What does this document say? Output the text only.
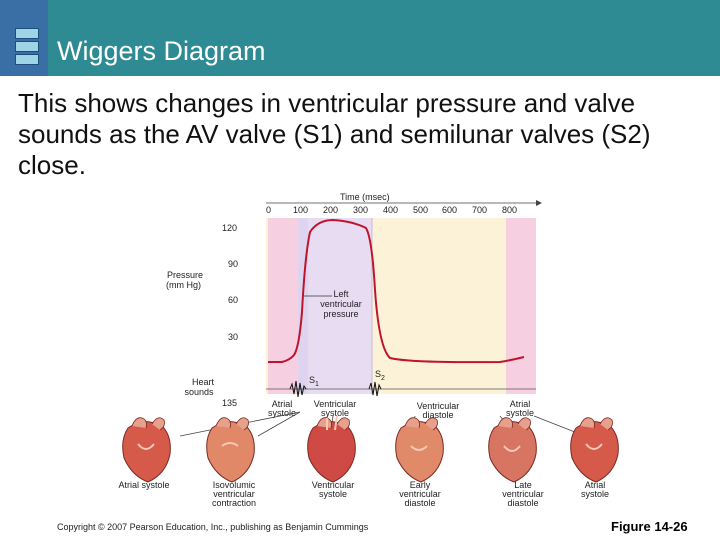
Wiggers Diagram
This shows changes in ventricular pressure and valve sounds as the AV valve (S1) and semilunar valves (S2) close.
Time (msec)
0 100 200 300 400 500 600 700 800
120
90
60
30
Pressure
(mm Hg)
Left
ventricular
pressure
Heart
sounds
135
$S_1$
$S_2$
Atrial
systole
Ventricular
systole
Ventricular
diastole
Atrial
systole
Atrial systole	Isovolumic
ventricular
contraction
Ventricular
systole
Early
ventricular
diastole
Late
ventricular
diastole
Atrial
systole
Copyright © 2007 Pearson Education, Inc., publishing as Benjamin Cummings	Figure 14-26
